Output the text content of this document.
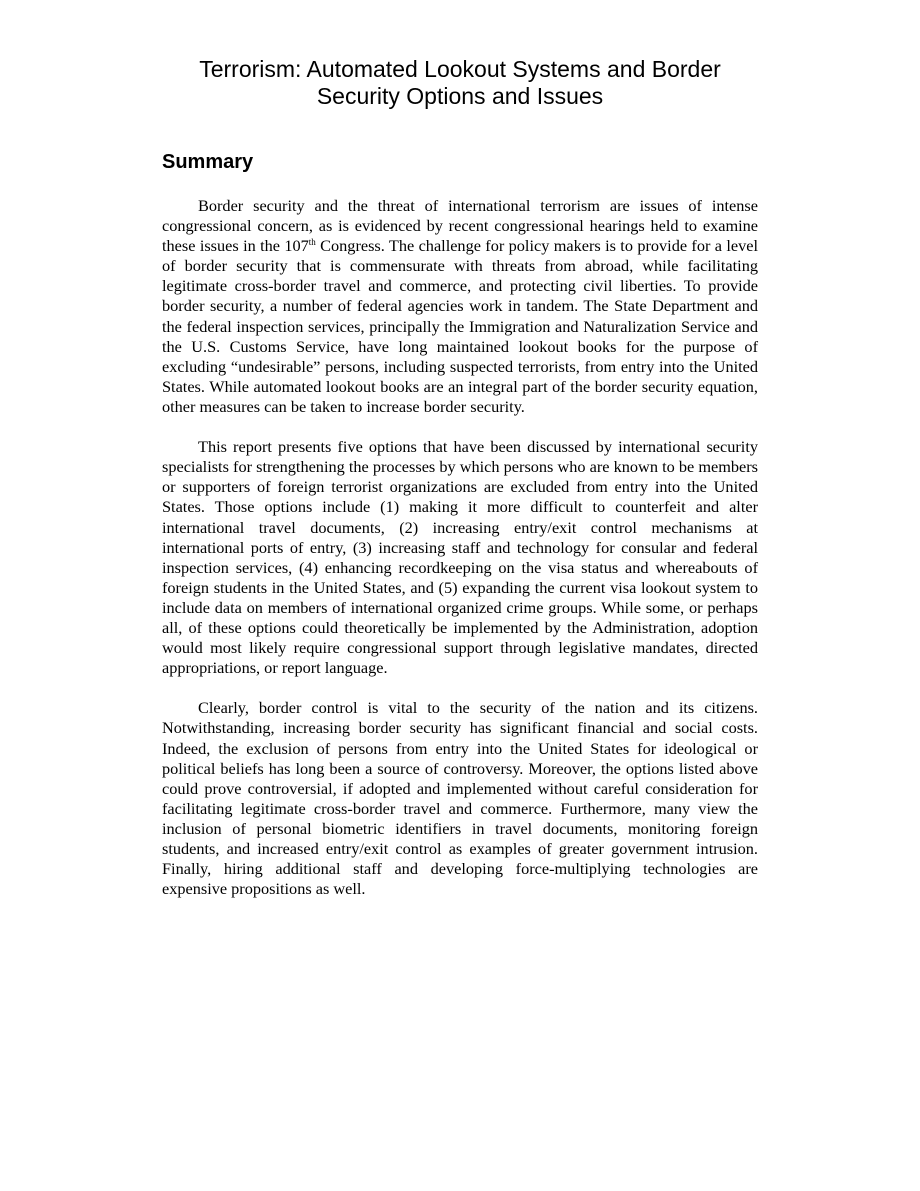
Terrorism: Automated Lookout Systems and Border
Security Options and Issues
Summary

Border security and the threat of international terrorism are issues of intense congressional concern, as is evidenced by recent congressional hearings held to examine these issues in the 107th Congress. The challenge for policy makers is to provide for a level of border security that is commensurate with threats from abroad, while facilitating legitimate cross-border travel and commerce, and protecting civil liberties. To provide border security, a number of federal agencies work in tandem. The State Department and the federal inspection services, principally the Immigration and Naturalization Service and the U.S. Customs Service, have long maintained lookout books for the purpose of excluding “undesirable” persons, including suspected terrorists, from entry into the United States. While automated lookout books are an integral part of the border security equation, other measures can be taken to increase border security.

This report presents five options that have been discussed by international security specialists for strengthening the processes by which persons who are known to be members or supporters of foreign terrorist organizations are excluded from entry into the United States. Those options include (1) making it more difficult to counterfeit and alter international travel documents, (2) increasing entry/exit control mechanisms at international ports of entry, (3) increasing staff and technology for consular and federal inspection services, (4) enhancing recordkeeping on the visa status and whereabouts of foreign students in the United States, and (5) expanding the current visa lookout system to include data on members of international organized crime groups. While some, or perhaps all, of these options could theoretically be implemented by the Administration, adoption would most likely require congressional support through legislative mandates, directed appropriations, or report language.

Clearly, border control is vital to the security of the nation and its citizens. Notwithstanding, increasing border security has significant financial and social costs. Indeed, the exclusion of persons from entry into the United States for ideological or political beliefs has long been a source of controversy. Moreover, the options listed above could prove controversial, if adopted and implemented without careful consideration for facilitating legitimate cross-border travel and commerce. Furthermore, many view the inclusion of personal biometric identifiers in travel documents, monitoring foreign students, and increased entry/exit control as examples of greater government intrusion. Finally, hiring additional staff and developing force-multiplying technologies are expensive propositions as well.
